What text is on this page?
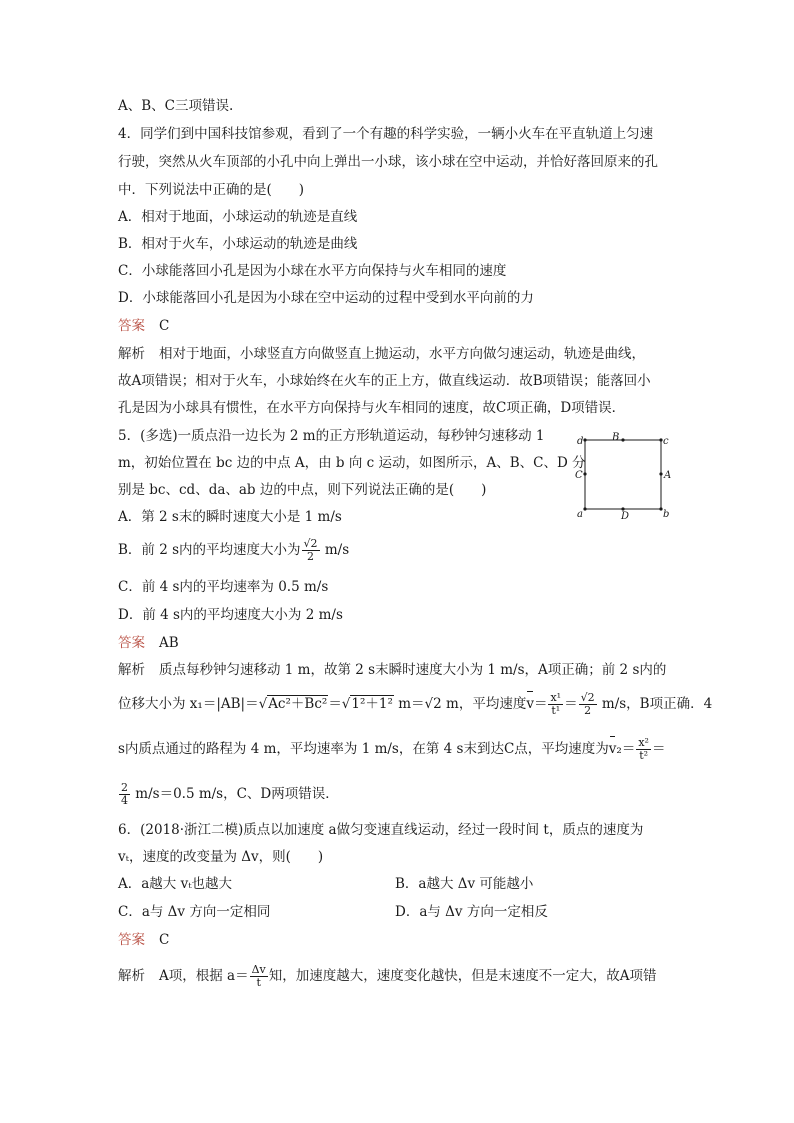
A、B、C三项错误.
4．同学们到中国科技馆参观，看到了一个有趣的科学实验，一辆小火车在平直轨道上匀速
行驶，突然从火车顶部的小孔中向上弹出一小球，该小球在空中运动，并恰好落回原来的孔
中．下列说法中正确的是(　　)
A．相对于地面，小球运动的轨迹是直线
B．相对于火车，小球运动的轨迹是曲线
C．小球能落回小孔是因为小球在水平方向保持与火车相同的速度
D．小球能落回小孔是因为小球在空中运动的过程中受到水平向前的力
答案 C
解析 相对于地面，小球竖直方向做竖直上抛运动，水平方向做匀速运动，轨迹是曲线，
故A项错误；相对于火车，小球始终在火车的正上方，做直线运动．故B项错误；能落回小
孔是因为小球具有惯性，在水平方向保持与火车相同的速度，故C项正确，D项错误．
5．(多选)一质点沿一边长为 2 m的正方形轨道运动，每秒钟匀速移动 1
m，初始位置在 bc 边的中点 A，由 b 向 c 运动，如图所示，A、B、C、D 分
别是 bc、cd、da、ab 边的中点，则下列说法正确的是(　　)
d	B	c
C	A
a	D	b
A．第 2 s末的瞬时速度大小是 1 m/s
B．前 2 s内的平均速度大小为 $\frac{√2}{2} m/s$
C．前 4 s内的平均速率为 0.5 m/s
D．前 4 s内的平均速度大小为 2 m/s
答案 AB
解析 质点每秒钟匀速移动 1 m，故第 2 s末瞬时速度大小为 1 m/s，A项正确；前 2 s内的
位移大小为 x₁＝|AB|＝√Ac²＋Bc²＝√1²＋1² m＝√2 m，平均速度$v= \frac{\text{x¹}}{\text{t¹}} = \frac{√2}{2} m/s$，B项正确．4
s内质点通过的路程为 4 m，平均速率为 1 m/s，在第 4 s末到达C点，平均速度为$v_2= \frac{\text{x²}}{\text{t²}}$ ＝
$\frac{2}{4} m/s=0.5$ m/s，C、D两项错误．
6．(2018·浙江二模)质点以加速度 a做匀变速直线运动，经过一段时间 t，质点的速度为
vₜ，速度的改变量为 Δv，则(　　)
A．a越大 vₜ也越大	B．a越大 Δv 可能越小
C．a与 Δv 方向一定相同	D．a与 Δv 方向一定相反
答案 C
解析 A项，根据 $a= \frac{\Delta v}{t}$ 知，加速度越大，速度变化越快，但是末速度不一定大，故A项错
